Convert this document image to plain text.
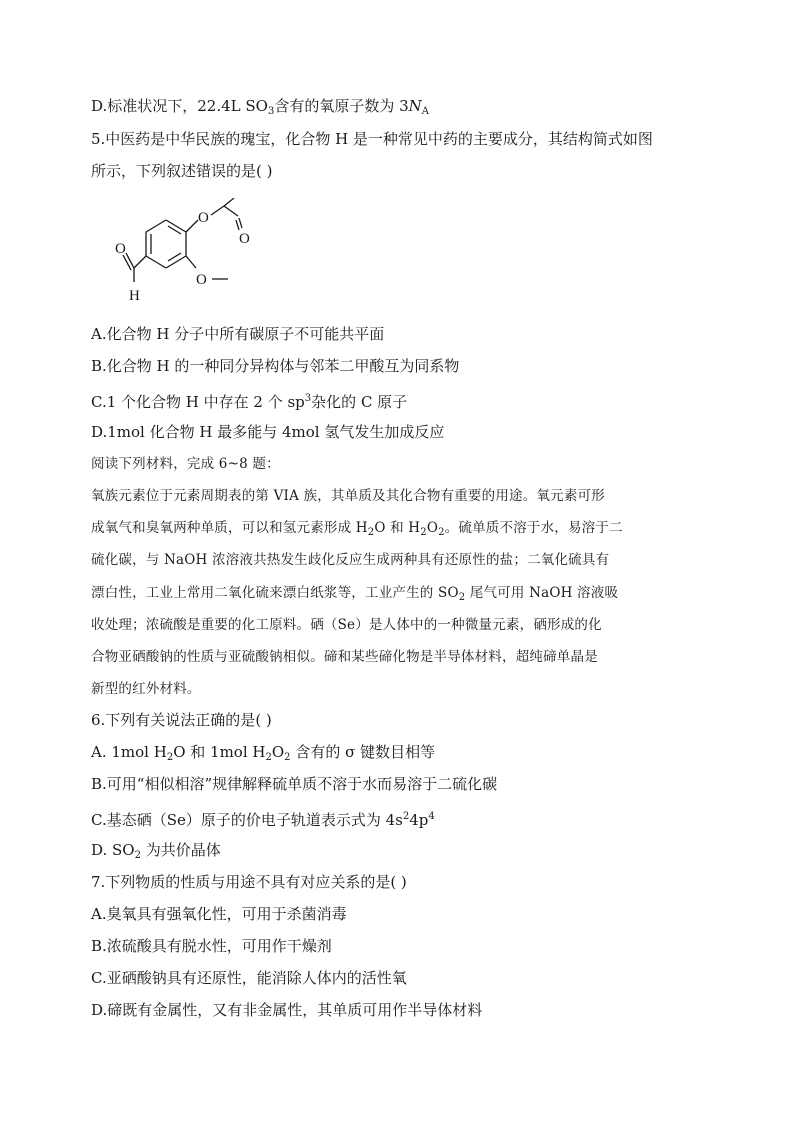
D.标准状况下，22.4L $SO_3$含有的氧原子数为 $3N_A$
5.中医药是中华民族的瑰宝，化合物 H 是一种常见中药的主要成分，其结构简式如图
所示，下列叙述错误的是( )
O
O
O
O
H
A.化合物 H 分子中所有碳原子不可能共平面
B.化合物 H 的一种同分异构体与邻苯二甲酸互为同系物
C.1 个化合物 H 中存在 2 个 $sp^3$杂化的 C 原子
D.1mol 化合物 H 最多能与 4mol 氢气发生加成反应
阅读下列材料，完成 6~8 题：
氧族元素位于元素周期表的第 VIA 族，其单质及其化合物有重要的用途。氧元素可形
成氧气和臭氧两种单质，可以和氢元素形成 $H_2O$ 和 $H_2O_2$。硫单质不溶于水，易溶于二
硫化碳，与 NaOH 浓溶液共热发生歧化反应生成两种具有还原性的盐；二氧化硫具有
漂白性，工业上常用二氧化硫来漂白纸浆等，工业产生的 $SO_2$ 尾气可用 NaOH 溶液吸
收处理；浓硫酸是重要的化工原料。硒（Se）是人体中的一种微量元素，硒形成的化
合物亚硒酸钠的性质与亚硫酸钠相似。碲和某些碲化物是半导体材料，超纯碲单晶是
新型的红外材料。
6.下列有关说法正确的是( )
A. 1mol $H_2O$ 和 1mol $H_2O_2$ 含有的 σ 键数目相等
B.可用“相似相溶”规律解释硫单质不溶于水而易溶于二硫化碳
C.基态硒（Se）原子的价电子轨道表示式为 $4s^24p^4$
D. $SO_2$ 为共价晶体
7.下列物质的性质与用途不具有对应关系的是( )
A.臭氧具有强氧化性，可用于杀菌消毒
B.浓硫酸具有脱水性，可用作干燥剂
C.亚硒酸钠具有还原性，能消除人体内的活性氧
D.碲既有金属性，又有非金属性，其单质可用作半导体材料
